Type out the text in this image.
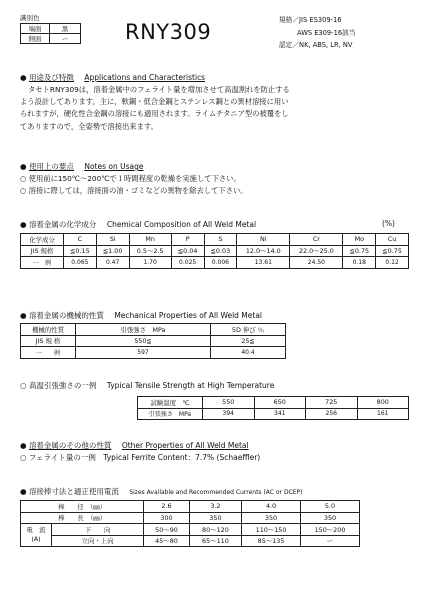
識別色
端面	黒
側面	ー	RNY309	規格／JIS ES309-16
AWS E309-16該当
認定／NK, ABS, LR, NV
● 用途及び特徴 Applications and Characteristics
タセトRNY309は，溶着金属中のフェライト量を増加させて高温割れを防止する
よう設計してあります。主に，軟鋼・低合金鋼とステンレス鋼との異材溶接に用い
られますが，硬化性合金鋼の溶接にも適用されます。ライムチタニア型の被覆をし
てありますので，全姿勢で溶接出来ます。
● 使用上の要点 Notes on Usage
○ 使用前に150℃～200℃で１時間程度の乾燥を実施して下さい。
○ 溶接に際しては，溶接面の油・ゴミなどの異物を除去して下さい。
● 溶着金属の化学成分 Chemical Composition of All Weld Metal	(%)
化学成分	C	Si	Mn	P	S	Ni	Cr	Mo	Cu
JIS 規格	≦0.15	≦1.00	0.5～2.5	≦0.04	≦0.03	12.0～14.0	22.0～25.0	≦0.75	≦0.75
一　例	0.065	0.47	1.70	0.025	0.006	13.61	24.50	0.18	0.12
● 溶着金属の機械的性質 Mechanical Properties of All Weld Metal
機械的性質	引張強さ　MPa	5D 伸び ％
JIS 規 格	550≦	25≦
一　　例	597	40.4
○ 高温引張強さの一例 Typical Tensile Strength at High Temperature
試験温度　℃	550	650	725	800
引張強さ　MPa	394	341	256	161
● 溶着金属のその他の性質 Other Properties of All Weld Metal
○ フェライト量の一例　Typical Ferrite Content：7.7% (Schaeffler)
● 溶接棒寸法と適正使用電流 Sizes Available and Recommended Currents (AC or DCEP)
棒　　径　（㎜）		2.6	3.2	4.0	5.0
棒　　長　（㎜）		300	350	350	350

電　流
(A)	下　　向	50～90	80～120	110～150	150～200
	立向・上向	45～80	65～110	85～135	ー
